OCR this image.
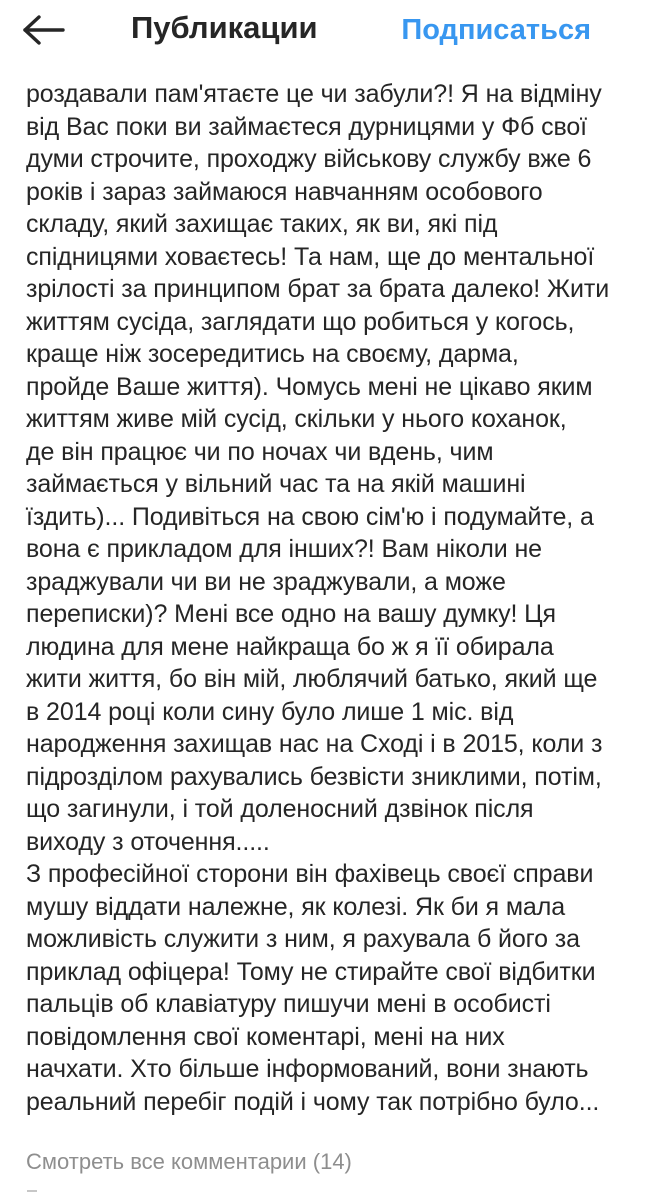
Публикации	Подписаться
роздавали пам'ятаєте це чи забули?! Я на відміну
від Вас поки ви займаєтеся дурницями у Фб свої
думи строчите, проходжу військову службу вже 6
років і зараз займаюся навчанням особового
складу, який захищає таких, як ви, які під
спідницями ховаєтесь! Та нам, ще до ментальної
зрілості за принципом брат за брата далеко! Жити
життям сусіда, заглядати що робиться у когось,
краще ніж зосередитись на своєму, дарма,
пройде Ваше життя). Чомусь мені не цікаво яким
життям живе мій сусід, скільки у нього коханок,
де він працює чи по ночах чи вдень, чим
займається у вільний час та на якій машині
їздить)... Подивіться на свою сім'ю і подумайте, а
вона є прикладом для інших?! Вам ніколи не
зраджували чи ви не зраджували, а може
переписки)? Мені все одно на вашу думку! Ця
людина для мене найкраща бо ж я її обирала
жити життя, бо він мій, люблячий батько, який ще
в 2014 році коли сину було лише 1 міс. від
народження захищав нас на Сході і в 2015, коли з
підрозділом рахувались безвісти зниклими, потім,
що загинули, і той доленосний дзвінок після
виходу з оточення.....
З професійної сторони він фахівець своєї справи
мушу віддати належне, як колезі. Як би я мала
можливість служити з ним, я рахувала б його за
приклад офіцера! Тому не стирайте свої відбитки
пальців об клавіатуру пишучи мені в особисті
повідомлення свої коментарі, мені на них
начхати. Хто більше інформований, вони знають
реальний перебіг подій і чому так потрібно було...
Смотреть все комментарии (14)
